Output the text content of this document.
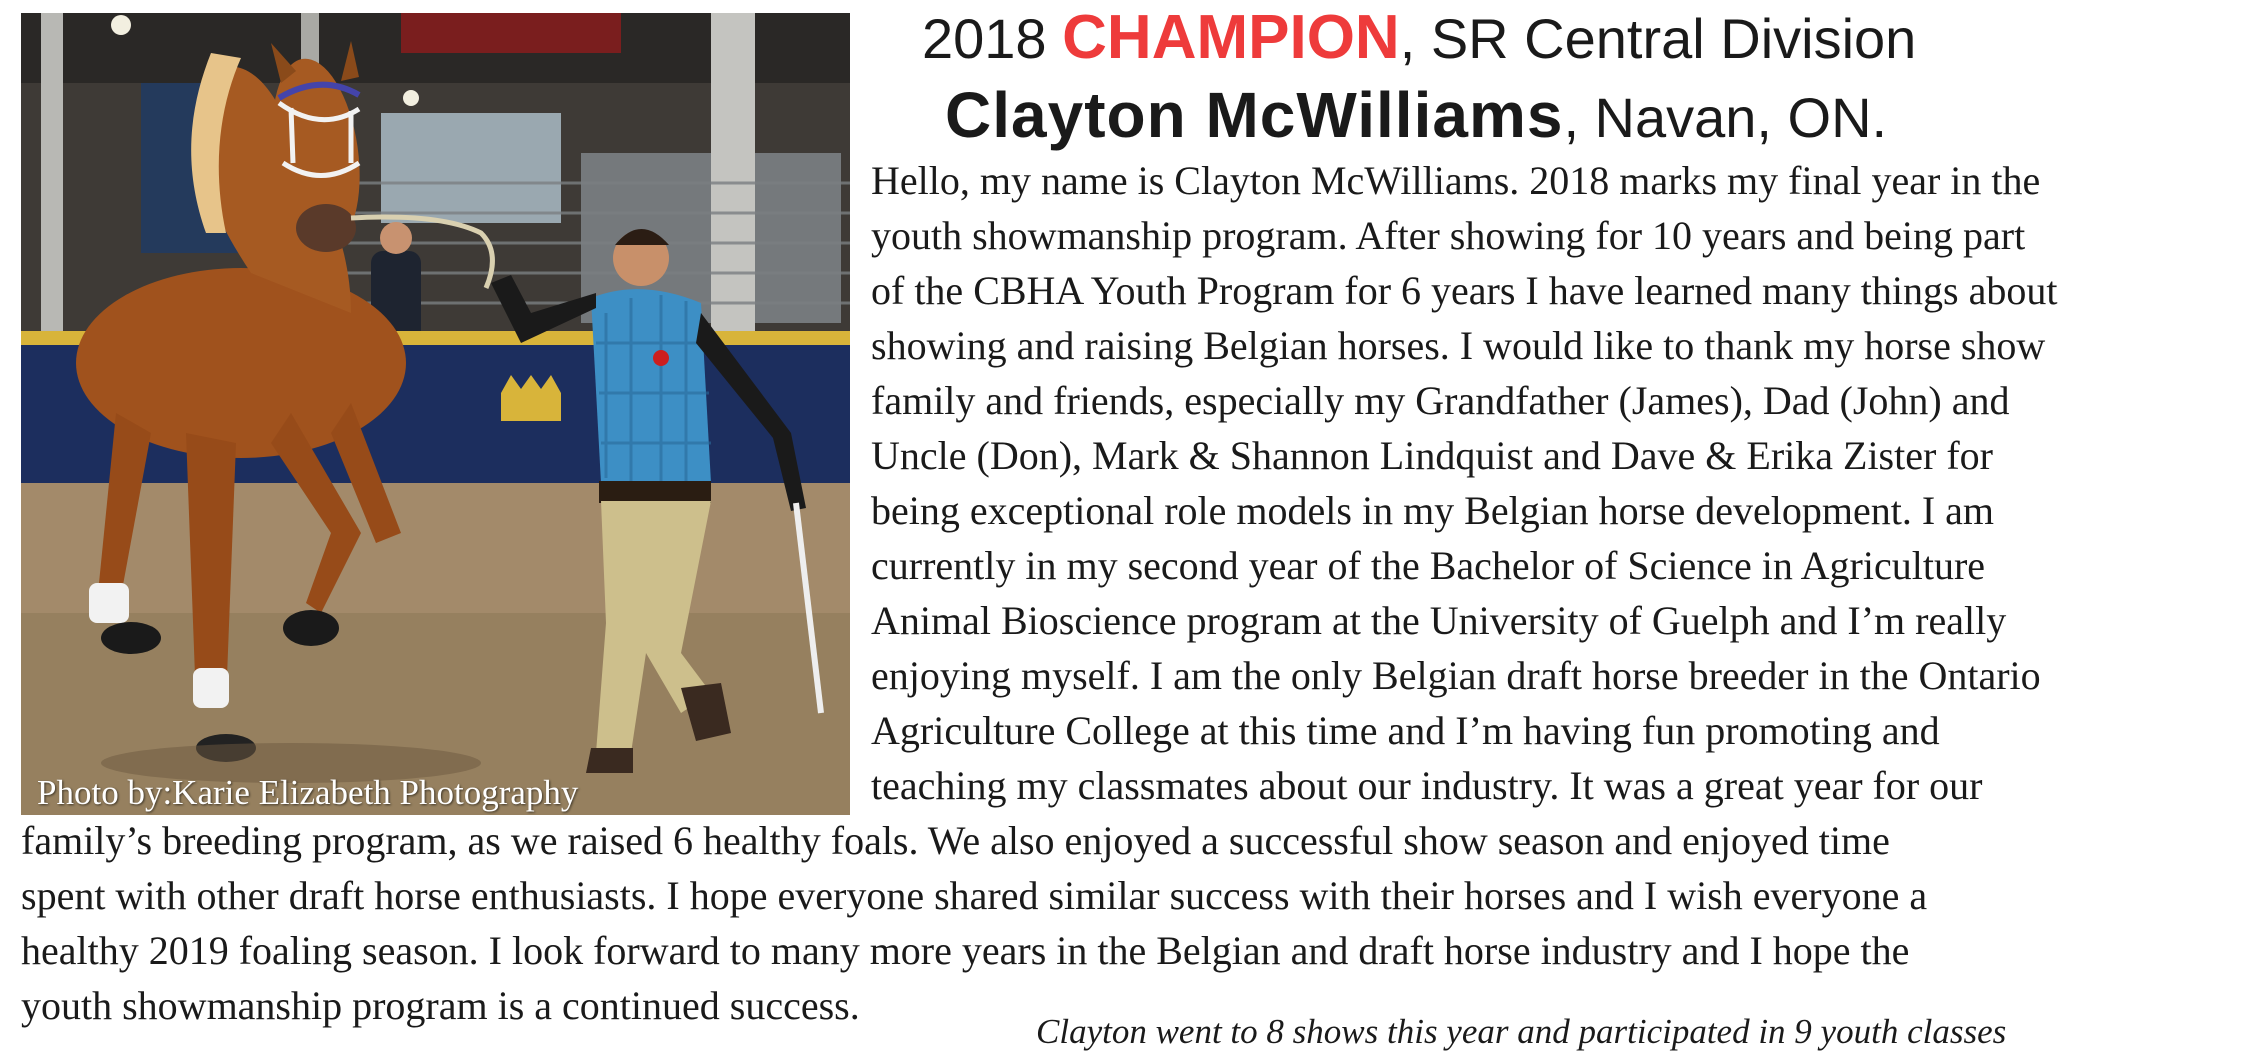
Photo by:Karie Elizabeth Photography
2018 CHAMPION, SR Central Division
Clayton McWilliams, Navan, ON.
Hello, my name is Clayton McWilliams. 2018 marks my final year in the
youth showmanship program. After showing for 10 years and being part
of the CBHA Youth Program for 6 years I have learned many things about
showing and raising Belgian horses. I would like to thank my horse show
family and friends, especially my Grandfather (James), Dad (John) and
Uncle (Don), Mark & Shannon Lindquist and Dave & Erika Zister for
being exceptional role models in my Belgian horse development. I am
currently in my second year of the Bachelor of Science in Agriculture
Animal Bioscience program at the University of Guelph and I’m really
enjoying myself. I am the only Belgian draft horse breeder in the Ontario
Agriculture College at this time and I’m having fun promoting and
teaching my classmates about our industry. It was a great year for our
family’s breeding program, as we raised 6 healthy foals. We also enjoyed a successful show season and enjoyed time
spent with other draft horse enthusiasts. I hope everyone shared similar success with their horses and I wish everyone a
healthy 2019 foaling season. I look forward to many more years in the Belgian and draft horse industry and I hope the
youth showmanship program is a continued success.
Clayton went to 8 shows this year and participated in 9 youth classes
